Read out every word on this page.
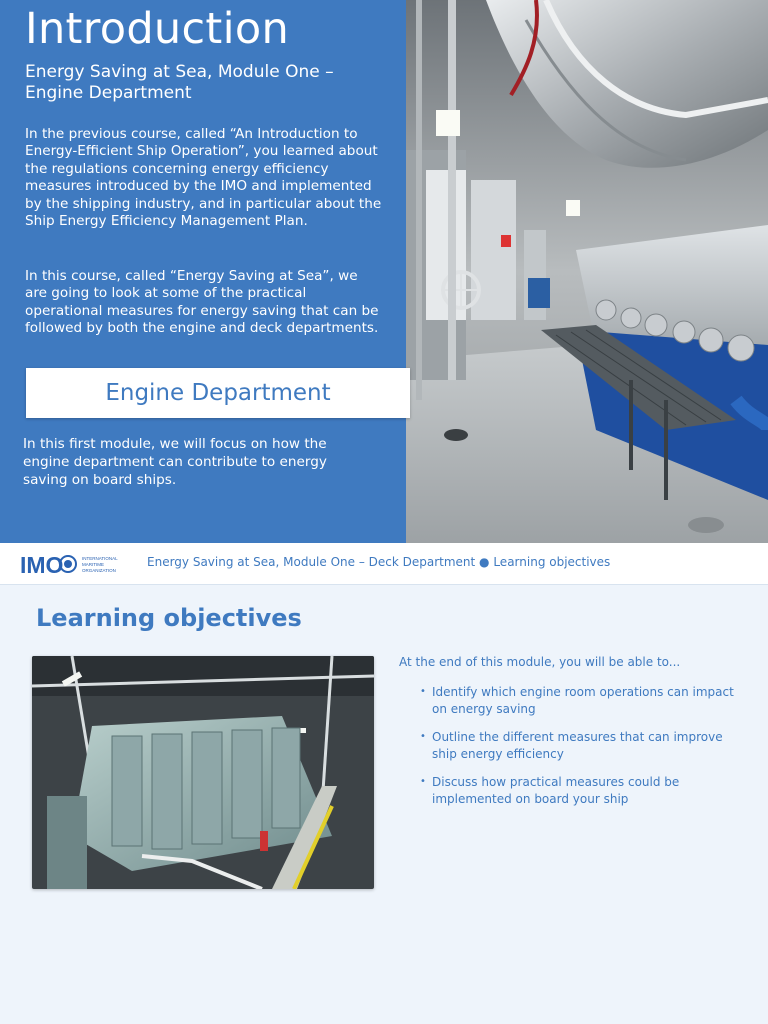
Introduction
Energy Saving at Sea, Module One – Engine Department

In the previous course, called “An Introduction to Energy-Efficient Ship Operation”, you learned about the regulations concerning energy efficiency measures introduced by the IMO and implemented by the shipping industry, and in particular about the Ship Energy Efficiency Management Plan.

In this course, called “Energy Saving at Sea”, we are going to look at some of the practical operational measures for energy saving that can be followed by both the engine and deck departments.

In this first module, we will focus on how the engine department can contribute to energy saving on board ships.

Engine Department
IMO	INTERNATIONAL
MARITIME
ORGANIZATION
Energy Saving at Sea, Module One – Deck Department ● Learning objectives
Learning objectives
At the end of this module, you will be able to...
• Identify which engine room operations can impact on energy saving
• Outline the different measures that can improve ship energy efficiency
• Discuss how practical measures could be implemented on board your ship
